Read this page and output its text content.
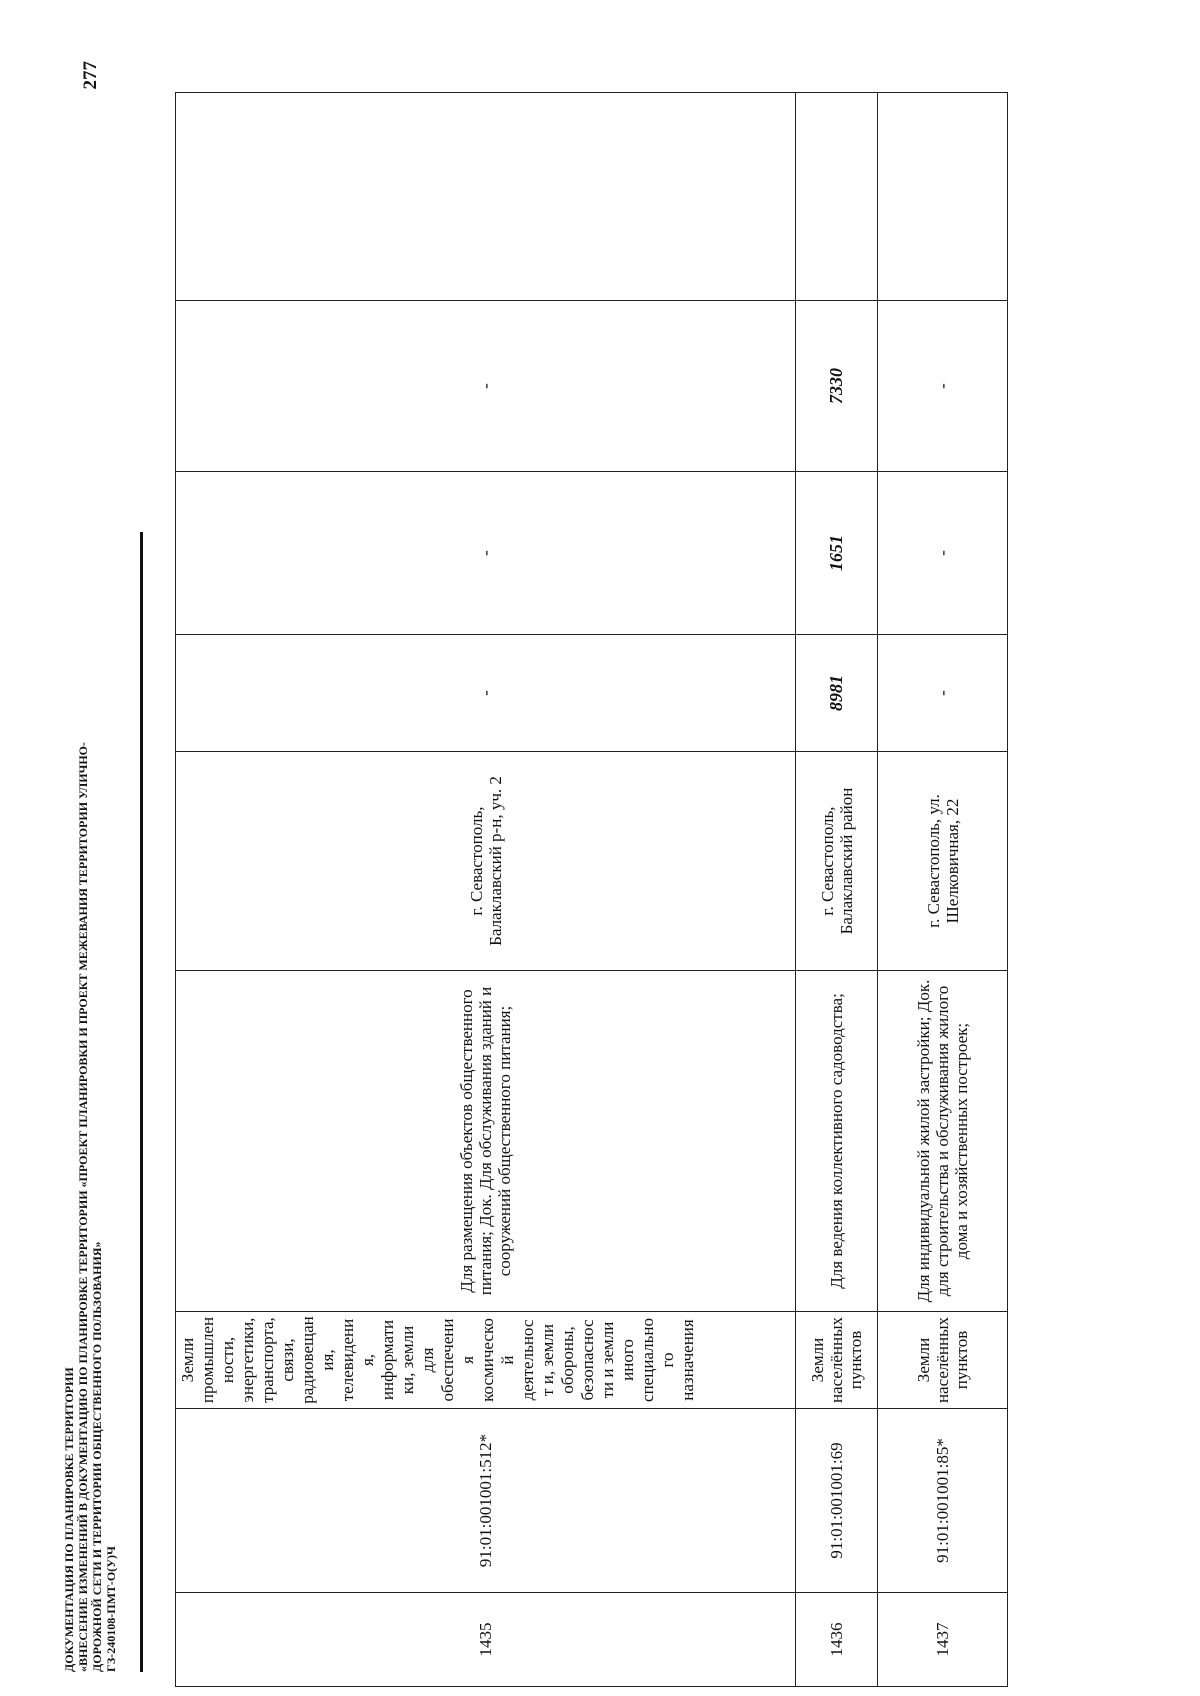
277
ДОКУМЕНТАЦИЯ ПО ПЛАНИРОВКЕ ТЕРРИТОРИИ «ВНЕСЕНИЕ ИЗМЕНЕНИЙ В ДОКУМЕНТАЦИЮ ПО ПЛАНИРОВКЕ ТЕРРИТОРИИ «ПРОЕКТ ПЛАНИРОВКИ И ПРОЕКТ МЕЖЕВАНИЯ ТЕРРИТОРИИ УЛИЧНО- ДОРОЖНОЙ СЕТИ И ТЕРРИТОРИИ ОБЩЕСТВЕННОГО ПОЛЬЗОВАНИЯ» ГЗ-240108-ПМТ-О(У)Ч	1435	91:01:001001:512*	Земли промышлен ности, энергетики, транспорта, связи, радиовещан ия, телевидени я, информати ки, земли для обеспечени я космическо й деятельност и, земли обороны, безопаснос ти и земли иного специально го назначения	Для размещения объектов общественного питания; Док. Для обслуживания зданий и сооружений общественного питания;	г. Севастополь, Балаклавский р-н, уч. 2	-	-	-	
1436	91:01:001001:69	Земли населённых пунктов	Для ведения коллективного садоводства;	г. Севастополь, Балаклавский район	8981	1651	7330	
1437	91:01:001001:85*	Земли населённых пунктов	Для индивидуальной жилой застройки; Док. для строительства и обслуживания жилого дома и хозяйственных построек;	г. Севастополь, ул. Шелковичная, 22	-	-	-	
